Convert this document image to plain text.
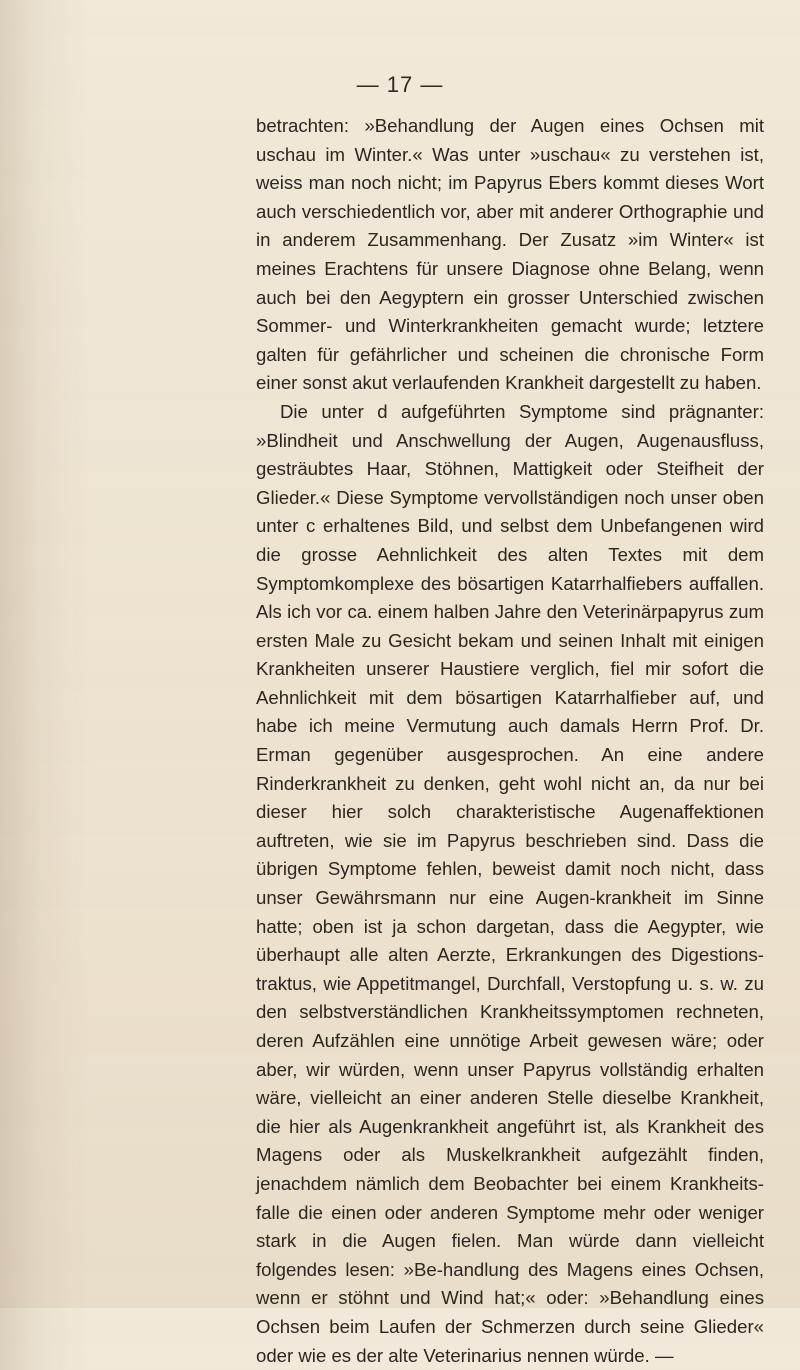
— 17 —

betrachten: »Behandlung der Augen eines Ochsen mit uschau im Winter.« Was unter »uschau« zu verstehen ist, weiss man noch nicht; im Papyrus Ebers kommt dieses Wort auch verschiedentlich vor, aber mit anderer Orthographie und in anderem Zusammenhang. Der Zusatz »im Winter« ist meines Erachtens für unsere Diagnose ohne Belang, wenn auch bei den Aegyptern ein grosser Unterschied zwischen Sommer- und Winterkrankheiten gemacht wurde; letztere galten für gefährlicher und scheinen die chronische Form einer sonst akut verlaufenden Krankheit dargestellt zu haben.

Die unter d aufgeführten Symptome sind prägnanter: »Blindheit und Anschwellung der Augen, Augenausfluss, gesträubtes Haar, Stöhnen, Mattigkeit oder Steifheit der Glieder.« Diese Symptome vervollständigen noch unser oben unter c erhaltenes Bild, und selbst dem Unbefangenen wird die grosse Aehnlichkeit des alten Textes mit dem Symptomkomplexe des bösartigen Katarrhalfiebers auffallen. Als ich vor ca. einem halben Jahre den Veterinärpapyrus zum ersten Male zu Gesicht bekam und seinen Inhalt mit einigen Krankheiten unserer Haustiere verglich, fiel mir sofort die Aehnlichkeit mit dem bösartigen Katarrhalfieber auf, und habe ich meine Vermutung auch damals Herrn Prof. Dr. Erman gegenüber ausgesprochen. An eine andere Rinderkrankheit zu denken, geht wohl nicht an, da nur bei dieser hier solch charakteristische Augenaffektionen auftreten, wie sie im Papyrus beschrieben sind. Dass die übrigen Symptome fehlen, beweist damit noch nicht, dass unser Gewährsmann nur eine Augen-krankheit im Sinne hatte; oben ist ja schon dargetan, dass die Aegypter, wie überhaupt alle alten Aerzte, Erkrankungen des Digestions-traktus, wie Appetitmangel, Durchfall, Verstopfung u. s. w. zu den selbstverständlichen Krankheitssymptomen rechneten, deren Aufzählen eine unnötige Arbeit gewesen wäre; oder aber, wir würden, wenn unser Papyrus vollständig erhalten wäre, vielleicht an einer anderen Stelle dieselbe Krankheit, die hier als Augenkrankheit angeführt ist, als Krankheit des Magens oder als Muskelkrankheit aufgezählt finden, jenachdem nämlich dem Beobachter bei einem Krankheits-falle die einen oder anderen Symptome mehr oder weniger stark in die Augen fielen. Man würde dann vielleicht folgendes lesen: »Be-handlung des Magens eines Ochsen, wenn er stöhnt und Wind hat;« oder: »Behandlung eines Ochsen beim Laufen der Schmerzen durch seine Glieder« oder wie es der alte Veterinarius nennen würde. —
